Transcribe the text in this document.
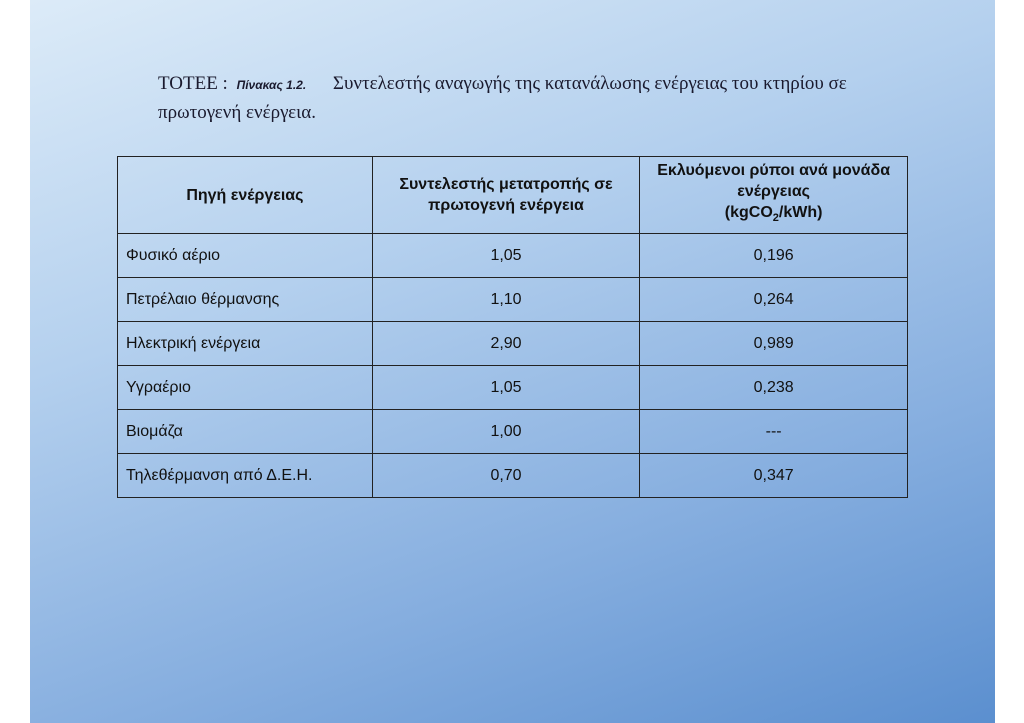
ΤΟΤΕΕ : Πίνακας 1.2. Συντελεστής αναγωγής της κατανάλωσης ενέργειας του κτηρίου σε πρωτογενή ενέργεια.
Πηγή ενέργειας	Συντελεστής μετατροπής σε πρωτογενή ενέργεια	Εκλυόμενοι ρύποι ανά μονάδα ενέργειας
(kgCO$_2$/kWh)
Φυσικό αέριο	1,05	0,196
Πετρέλαιο θέρμανσης	1,10	0,264
Ηλεκτρική ενέργεια	2,90	0,989
Υγραέριο	1,05	0,238
Βιομάζα	1,00	---
Τηλεθέρμανση από Δ.Ε.Η.	0,70	0,347
